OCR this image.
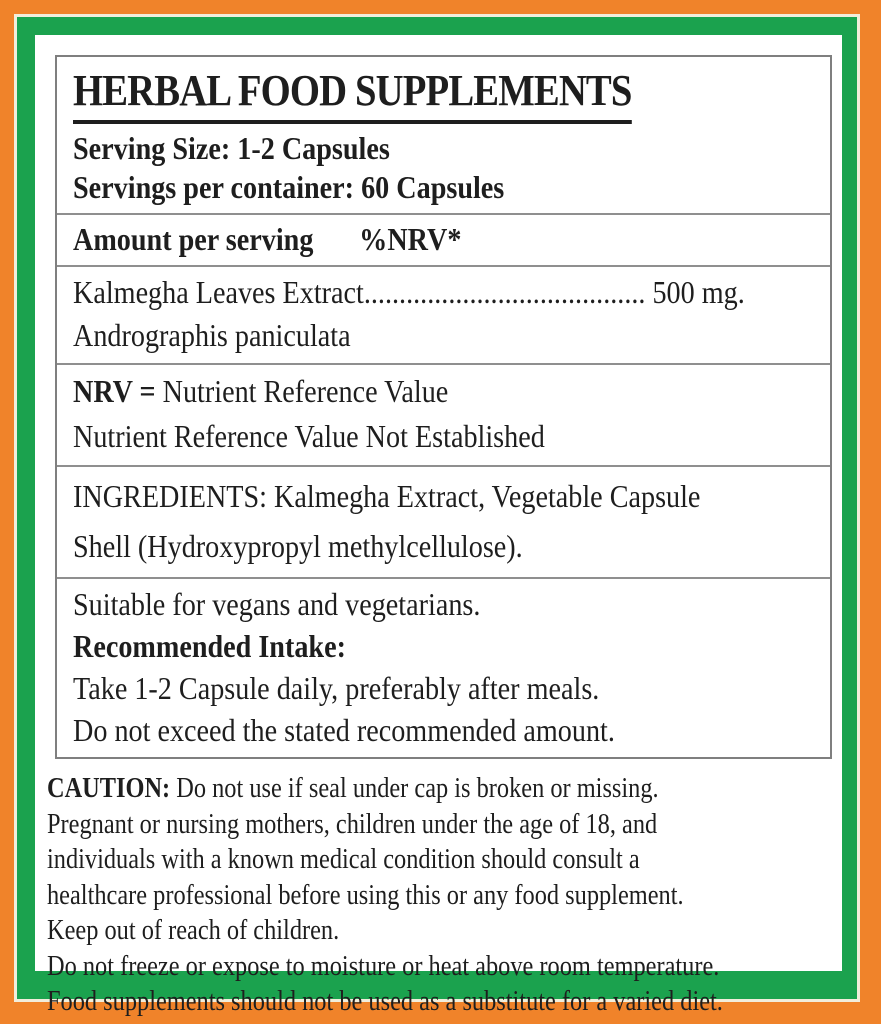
HERBAL FOOD SUPPLEMENTS
Serving Size: 1-2 Capsules
Servings per container: 60 Capsules
Amount per serving %NRV*
Kalmegha Leaves Extract........................................ 500 mg.
Andrographis paniculata
NRV = Nutrient Reference Value
Nutrient Reference Value Not Established
INGREDIENTS: Kalmegha Extract, Vegetable Capsule
Shell (Hydroxypropyl methylcellulose).
Suitable for vegans and vegetarians.
Recommended Intake:
Take 1-2 Capsule daily, preferably after meals.
Do not exceed the stated recommended amount.
CAUTION: Do not use if seal under cap is broken or missing.
Pregnant or nursing mothers, children under the age of 18, and
individuals with a known medical condition should consult a
healthcare professional before using this or any food supplement.
Keep out of reach of children.
Do not freeze or expose to moisture or heat above room temperature.
Food supplements should not be used as a substitute for a varied diet.
